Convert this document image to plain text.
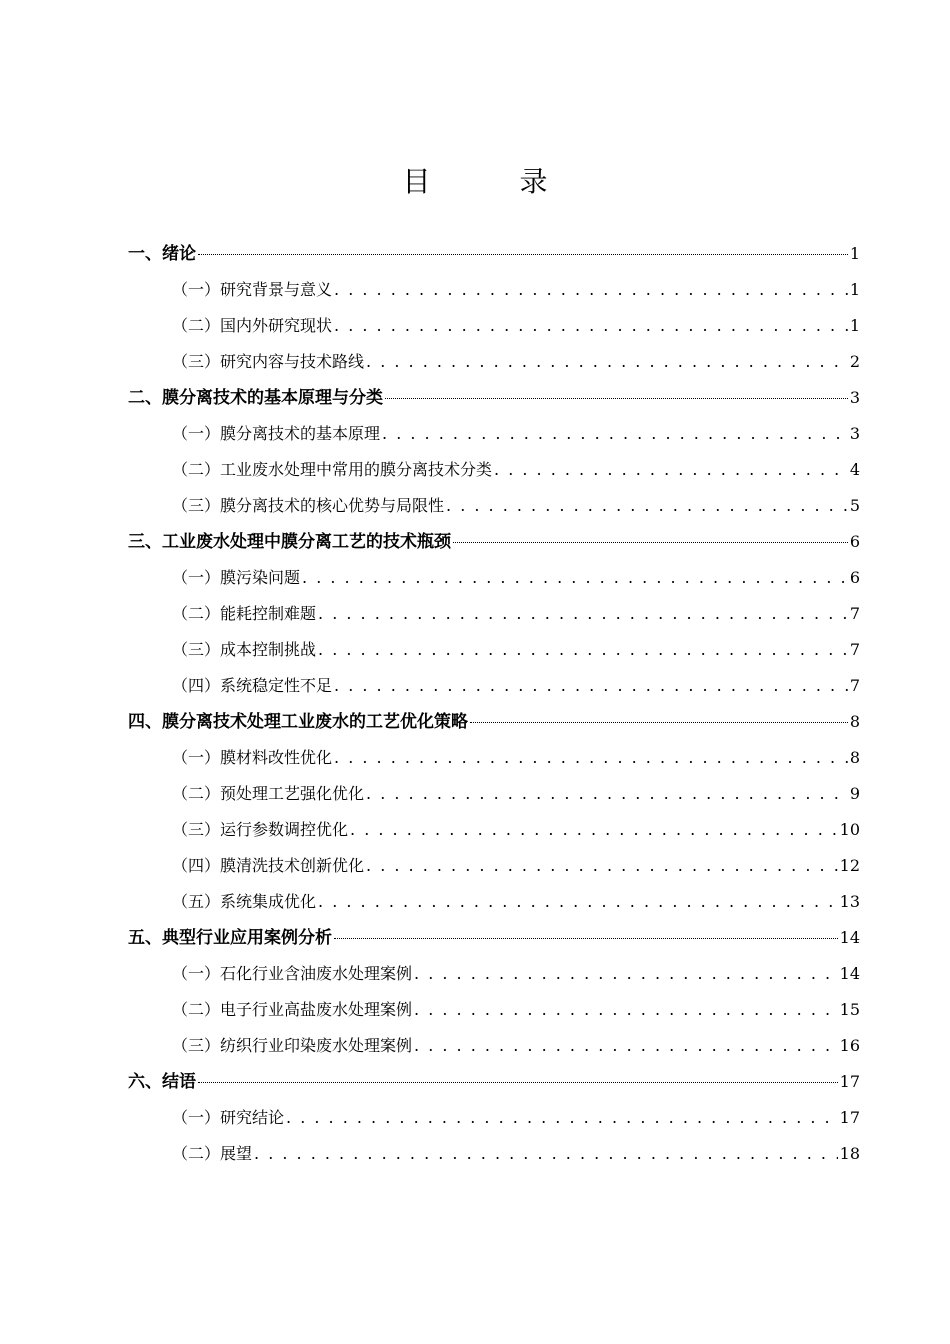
目 录
一、绪论	1
（一）研究背景与意义 . . .	1
（二）国内外研究现状 . . .	1
（三）研究内容与技术路线 . . .	2
二、膜分离技术的基本原理与分类	3
（一）膜分离技术的基本原理 . . .	3
（二）工业废水处理中常用的膜分离技术分类 . . .	4
（三）膜分离技术的核心优势与局限性 . . .	5
三、工业废水处理中膜分离工艺的技术瓶颈	6
（一）膜污染问题 . . .	6
（二）能耗控制难题 . . .	7
（三）成本控制挑战 . . .	7
（四）系统稳定性不足 . . .	7
四、膜分离技术处理工业废水的工艺优化策略	8
（一）膜材料改性优化 . . .	8
（二）预处理工艺强化优化 . . .	9
（三）运行参数调控优化 . . .	10
（四）膜清洗技术创新优化 . . .	12
（五）系统集成优化 . . .	13
五、典型行业应用案例分析	14
（一）石化行业含油废水处理案例 . . .	14
（二）电子行业高盐废水处理案例 . . .	15
（三）纺织行业印染废水处理案例 . . .	16
六、结语	17
（一）研究结论 . . .	17
（二）展望 . . .	18
